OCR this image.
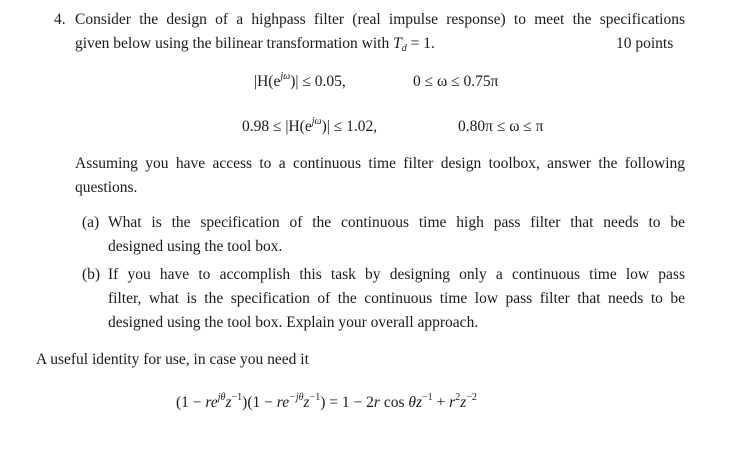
4. Consider the design of a highpass filter (real impulse response) to meet the specifications
given below using the bilinear transformation with $T_d = 1$.	10 points
$|H(e^{j\omega})| \le 0.05$,	0 ≤ ω ≤ 0.75π
$0.98 \le |H(e^{j\omega})| \le 1.02$,	0.80π ≤ ω ≤ π
Assuming you have access to a continuous time filter design toolbox, answer the following
questions.
(a) What is the specification of the continuous time high pass filter that needs to be
designed using the tool box.
(b) If you have to accomplish this task by designing only a continuous time low pass
filter, what is the specification of the continuous time low pass filter that needs to be
designed using the tool box. Explain your overall approach.
A useful identity for use, in case you need it
$(1 - re^{j\theta}z^{-1})(1 - re^{-j\theta}z^{-1}) = 1 - 2r$ $\cos \theta z^{-1} + r^2z^{-2}$
